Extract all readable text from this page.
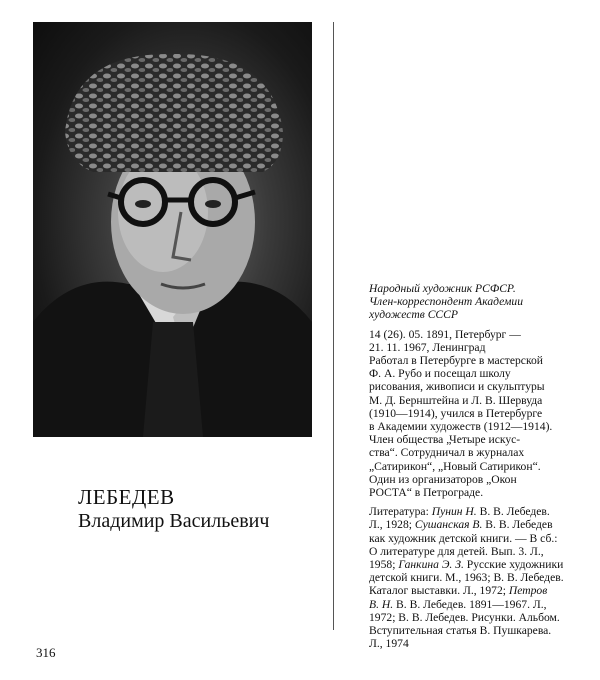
ЛЕБЕДЕВ
Владимир Васильевич
Народный художник РСФСР.
Член-корреспондент Академии
художеств СССР
14 (26). 05. 1891, Петербург —
21. 11. 1967, Ленинград
Работал в Петербурге в мастерской
Ф. А. Рубо и посещал школу
рисования, живописи и скульптуры
М. Д. Бернштейна и Л. В. Шервуда
(1910—1914), учился в Петербурге
в Академии художеств (1912—1914).
Член общества „Четыре искус-
ства“. Сотрудничал в журналах
„Сатирикон“, „Новый Сатирикон“.
Один из организаторов „Окон
РОСТА“ в Петрограде.
Литература: Пунин Н. В. В. Лебедев.
Л., 1928; Сушанская В. В. В. Лебедев
как художник детской книги. — В сб.:
О литературе для детей. Вып. 3. Л.,
1958; Ганкина Э. З. Русские художники
детской книги. М., 1963; В. В. Лебедев.
Каталог выставки. Л., 1972; Петров
В. Н. В. В. Лебедев. 1891—1967. Л.,
1972; В. В. Лебедев. Рисунки. Альбом.
Вступительная статья В. Пушкарева.
Л., 1974
316
